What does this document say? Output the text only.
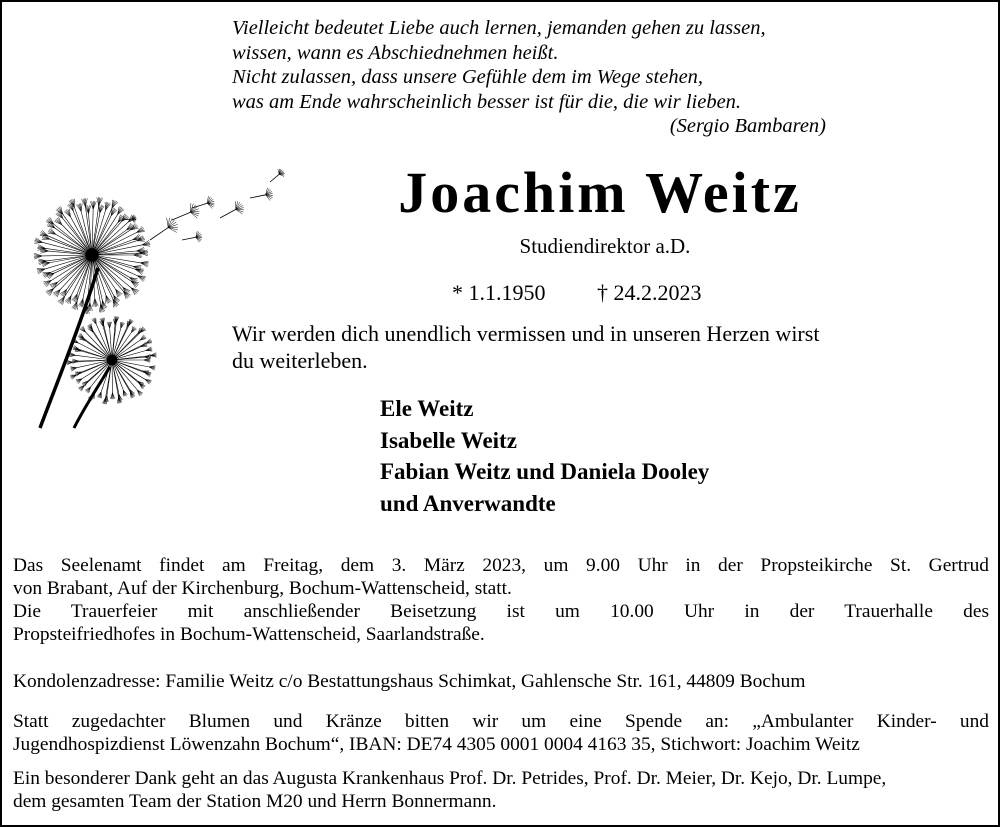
Vielleicht bedeutet Liebe auch lernen, jemanden gehen zu lassen,
wissen, wann es Abschiednehmen heißt.
Nicht zulassen, dass unsere Gefühle dem im Wege stehen,
was am Ende wahrscheinlich besser ist für die, die wir lieben.
(Sergio Bambaren)
Joachim Weitz
Studiendirektor a.D.
* 1.1.1950 † 24.2.2023
Wir werden dich unendlich vermissen und in unseren Herzen wirst
du weiterleben.
Ele Weitz
Isabelle Weitz
Fabian Weitz und Daniela Dooley
und Anverwandte
Das Seelenamt findet am Freitag, dem 3. März 2023, um 9.00 Uhr in der Propsteikirche St. Gertrud
von Brabant, Auf der Kirchenburg, Bochum-Wattenscheid, statt.
Die Trauerfeier mit anschließender Beisetzung ist um 10.00 Uhr in der Trauerhalle des
Propsteifriedhofes in Bochum-Wattenscheid, Saarlandstraße.
Kondolenzadresse: Familie Weitz c/o Bestattungshaus Schimkat, Gahlensche Str. 161, 44809 Bochum
Statt zugedachter Blumen und Kränze bitten wir um eine Spende an: „Ambulanter Kinder- und
Jugendhospizdienst Löwenzahn Bochum“, IBAN: DE74 4305 0001 0004 4163 35, Stichwort: Joachim Weitz
Ein besonderer Dank geht an das Augusta Krankenhaus Prof. Dr. Petrides, Prof. Dr. Meier, Dr. Kejo, Dr. Lumpe,
dem gesamten Team der Station M20 und Herrn Bonnermann.
